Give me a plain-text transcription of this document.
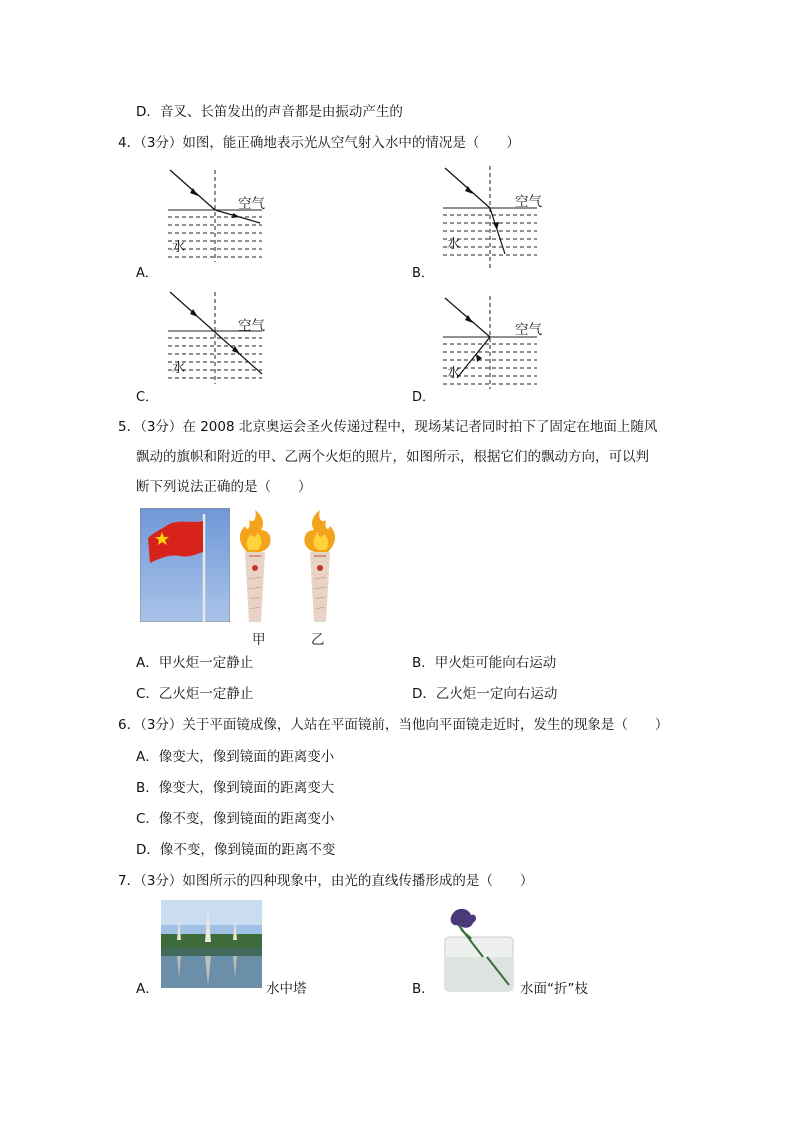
D．音叉、长笛发出的声音都是由振动产生的
4．（3分）如图，能正确地表示光从空气射入水中的情况是（　　）
空气
水
A．
空气
水
B．
空气
水
C．
空气
水
D．
5．（3分）在 2008 北京奥运会圣火传递过程中，现场某记者同时拍下了固定在地面上随风
飘动的旗帜和附近的甲、乙两个火炬的照片，如图所示，根据它们的飘动方向，可以判
断下列说法正确的是（　　）
甲	乙
A．甲火炬一定静止	B．甲火炬可能向右运动
C．乙火炬一定静止	D．乙火炬一定向右运动
6．（3分）关于平面镜成像，人站在平面镜前，当他向平面镜走近时，发生的现象是（　　）
A．像变大，像到镜面的距离变小
B．像变大，像到镜面的距离变大
C．像不变，像到镜面的距离变小
D．像不变，像到镜面的距离不变
7．（3分）如图所示的四种现象中，由光的直线传播形成的是（　　）
A．	水中塔	B．	水面“折”枝
